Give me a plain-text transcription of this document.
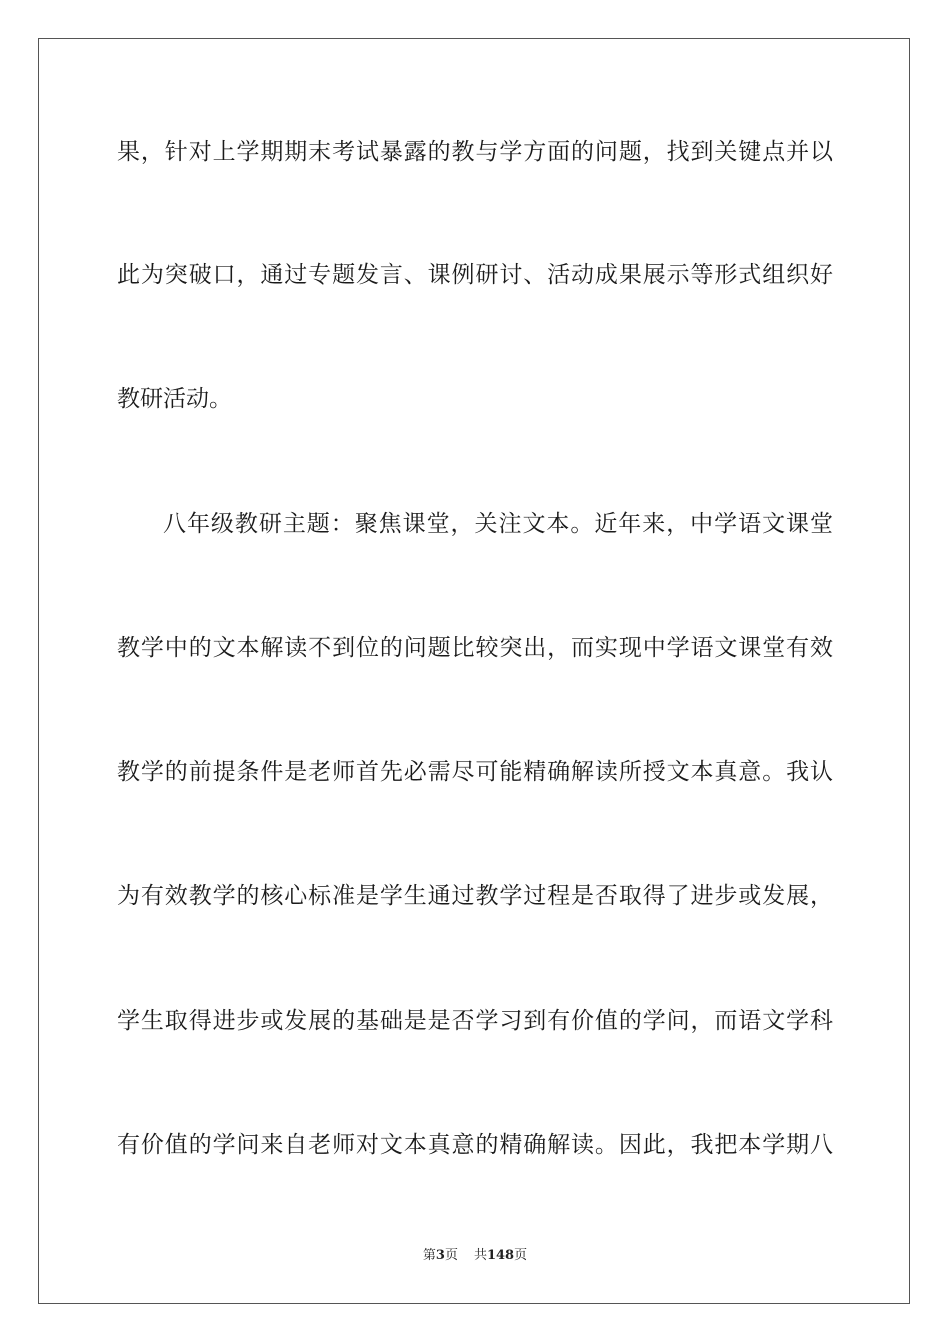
果，针对上学期期末考试暴露的教与学方面的问题，找到关键点并以
此为突破口，通过专题发言、课例研讨、活动成果展示等形式组织好
教研活动。
八年级教研主题：聚焦课堂，关注文本。近年来，中学语文课堂
教学中的文本解读不到位的问题比较突出，而实现中学语文课堂有效
教学的前提条件是老师首先必需尽可能精确解读所授文本真意。我认
为有效教学的核心标准是学生通过教学过程是否取得了进步或发展，
学生取得进步或发展的基础是是否学习到有价值的学问，而语文学科
有价值的学问来自老师对文本真意的精确解读。因此，我把本学期八
第3页 共148页
